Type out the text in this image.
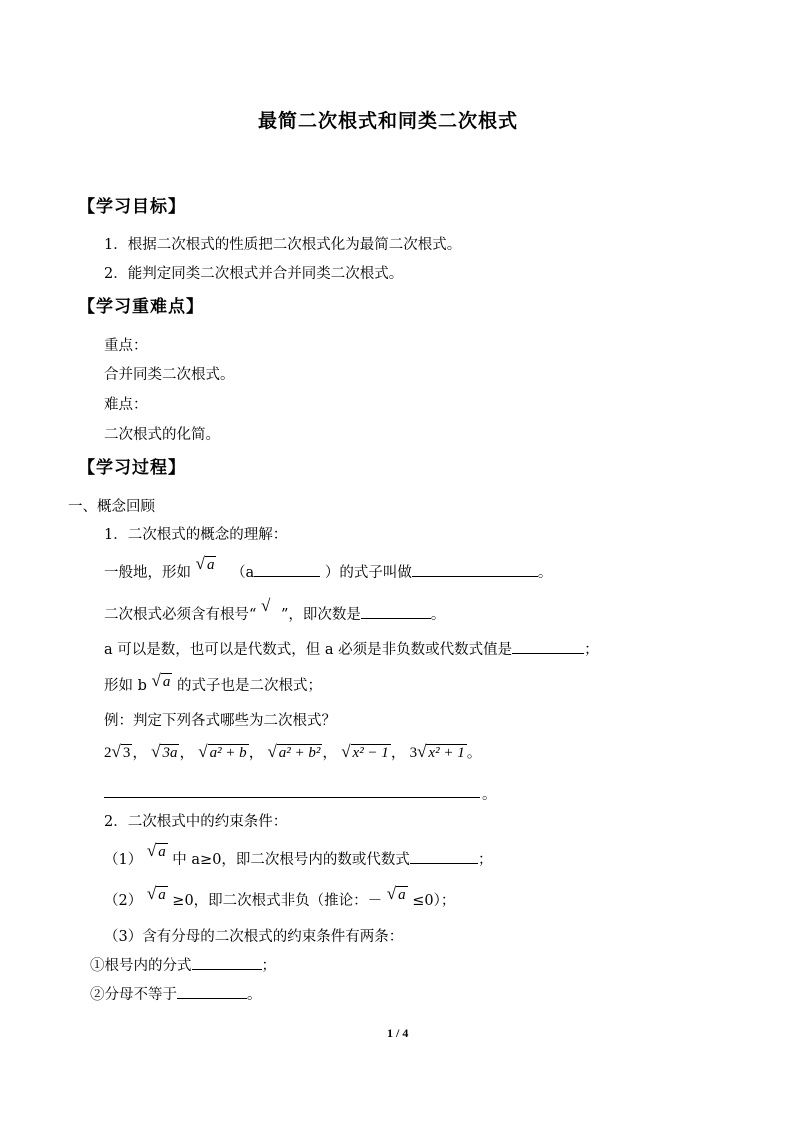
最简二次根式和同类二次根式
【学习目标】
1．根据二次根式的性质把二次根式化为最简二次根式。
2．能判定同类二次根式并合并同类二次根式。
【学习重难点】
重点：
合并同类二次根式。
难点：
二次根式的化简。
【学习过程】
一、概念回顾
1．二次根式的概念的理解：
一般地，形如 √ a （a	）的式子叫做	。
二次根式必须含有根号“ √ ”，即次数是	。
a 可以是数，也可以是代数式，但 a 必须是非负数或代数式值是	；
形如 b √ a 的式子也是二次根式；
例：判定下列各式哪些为二次根式？
2√ 3 ， √ 3a ， √ a² + b ， √ a² + b² ， √ x² − 1 ， 3√ x² + 1 。
。
2．二次根式中的约束条件：
（1） √ a 中 a≥0，即二次根号内的数或代数式	；
（2） √ a ≥0，即二次根式非负（推论：－ √ a ≤0）；
（3）含有分母的二次根式的约束条件有两条：
①根号内的分式	；
②分母不等于	。
1 / 4
